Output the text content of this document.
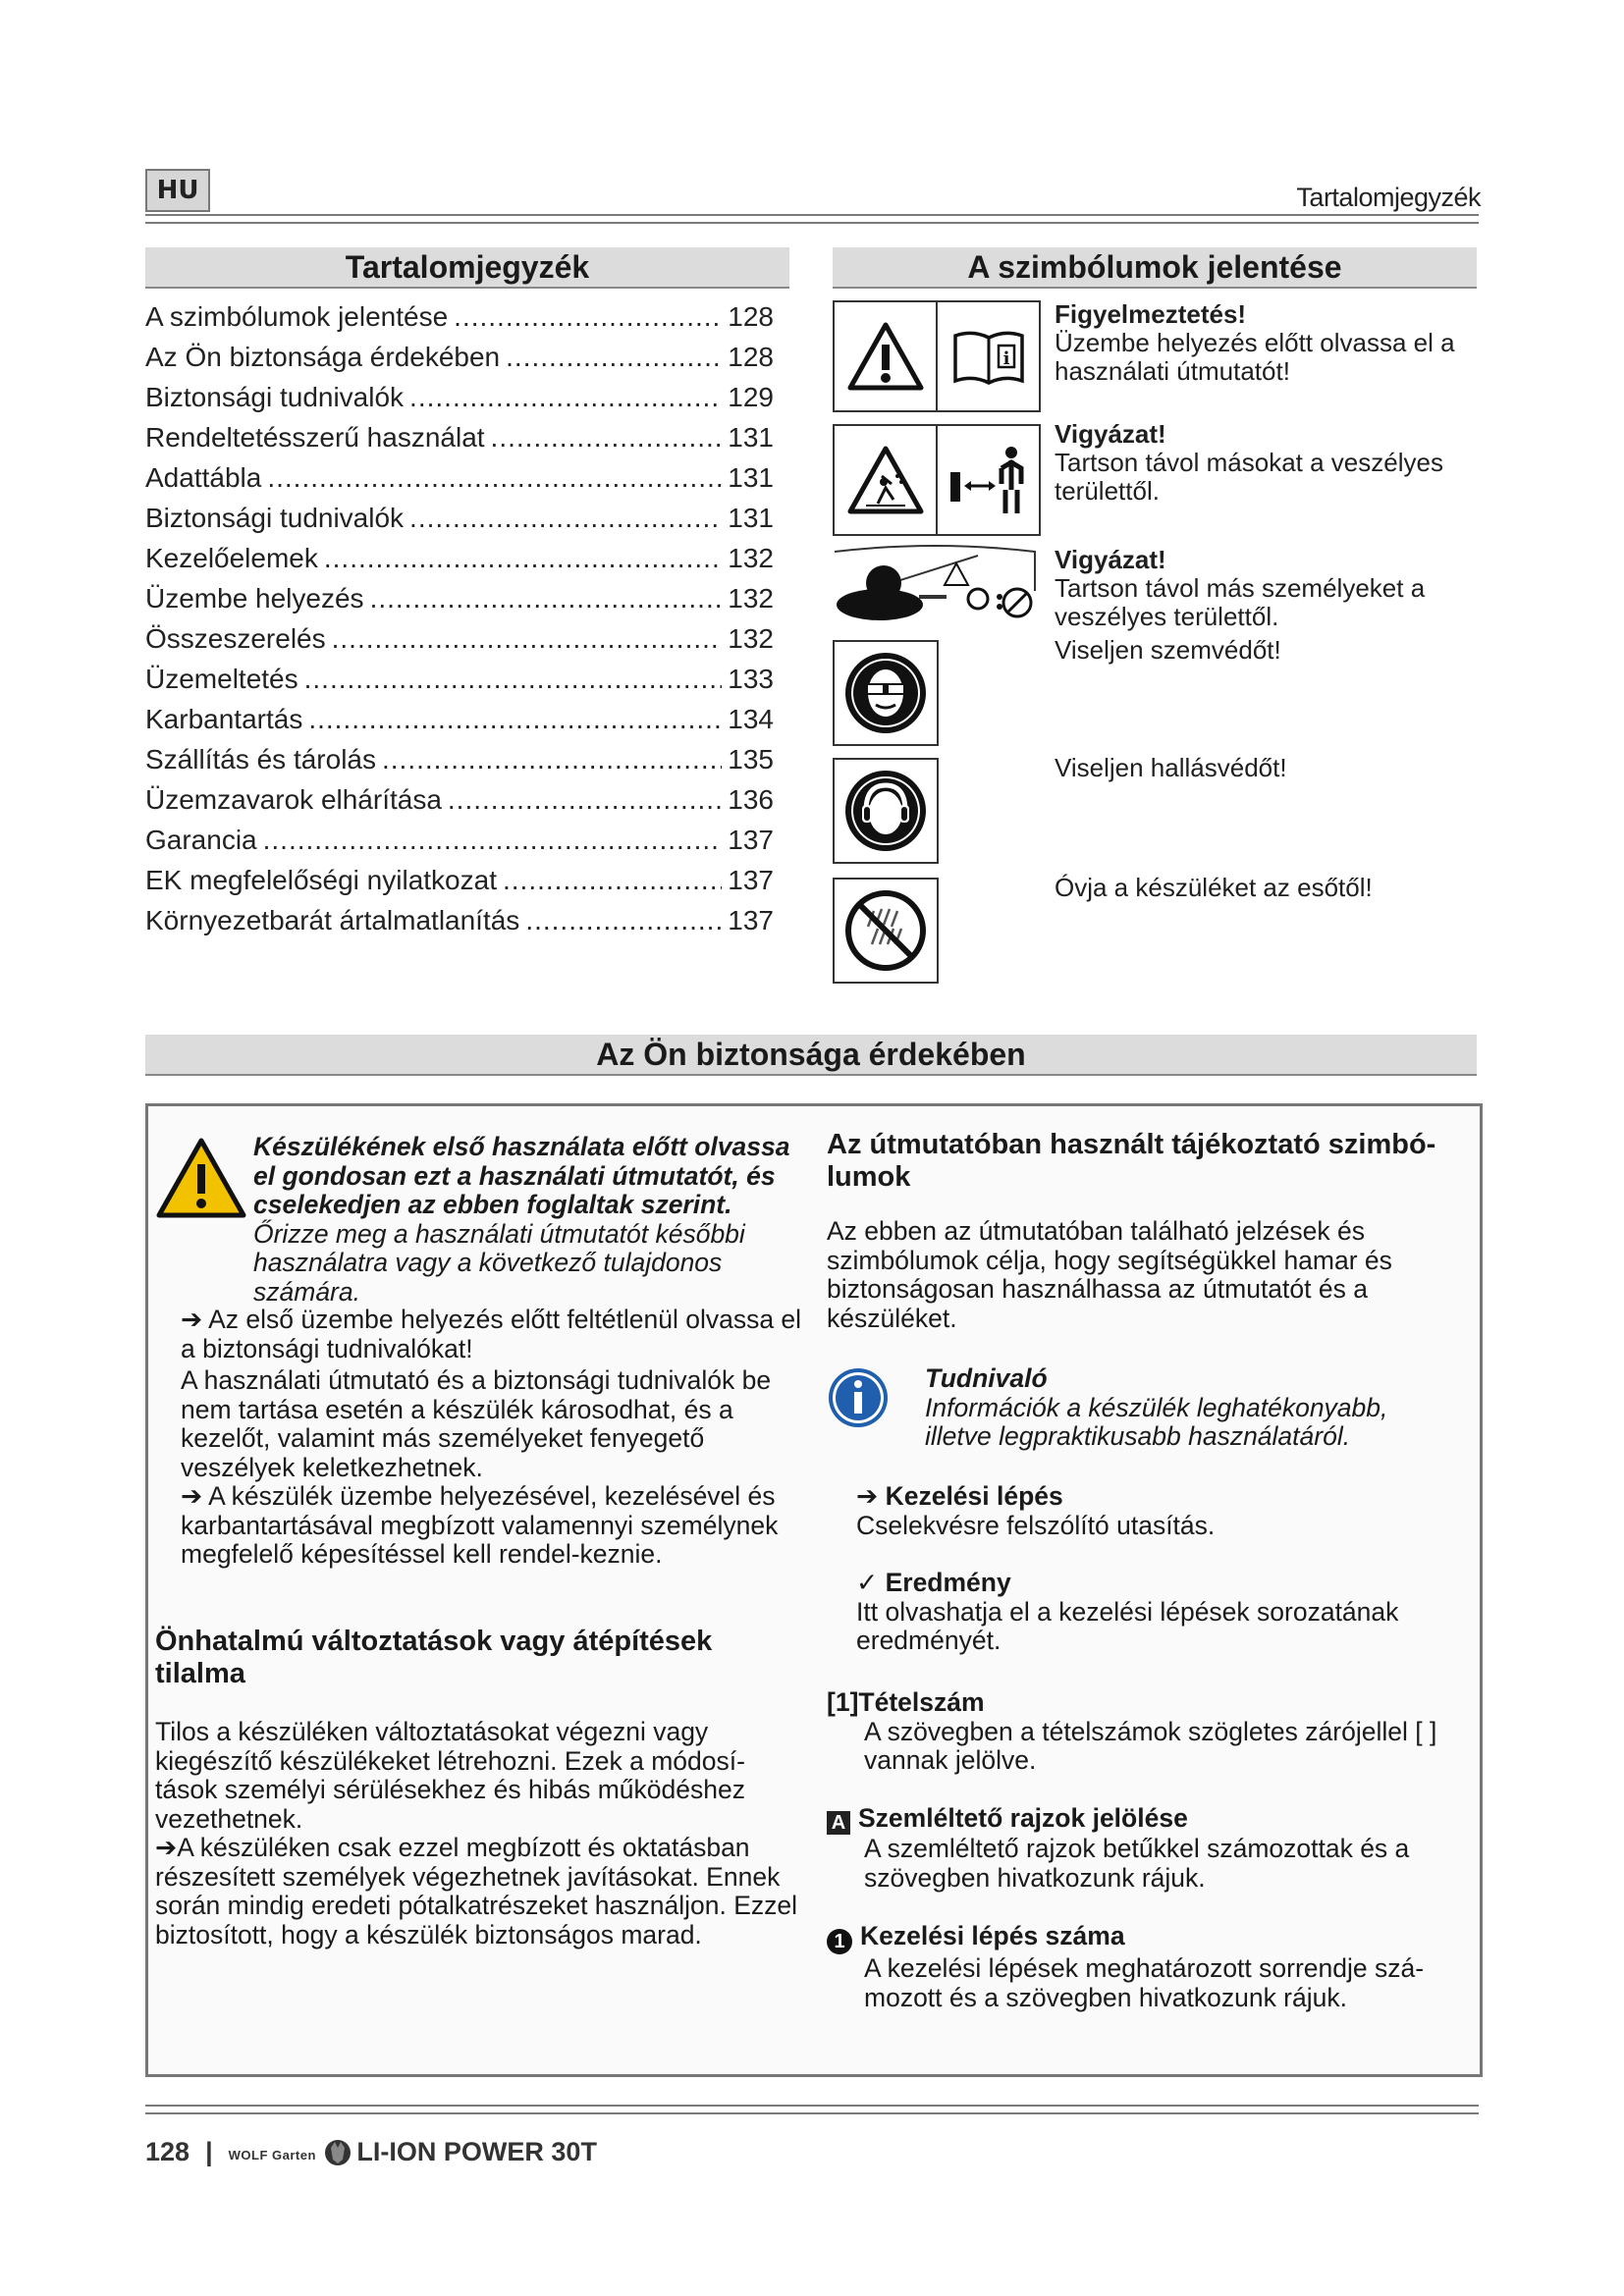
HU	Tartalomjegyzék
Tartalomjegyzék
A szimbólumok jelentése .....	128
Az Ön biztonsága érdekében .....	128
Biztonsági tudnivalók .....	129
Rendeltetésszerű használat .....	131
Adattábla .....	131
Biztonsági tudnivalók .....	131
Kezelőelemek .....	132
Üzembe helyezés .....	132
Összeszerelés .....	132
Üzemeltetés .....	133
Karbantartás .....	134
Szállítás és tárolás .....	135
Üzemzavarok elhárítása .....	136
Garancia .....	137
EK megfelelőségi nyilatkozat .....	137
Környezetbarát ártalmatlanítás .....	137
A szimbólumok jelentése
i
Figyelmeztetés!
Üzembe helyezés előtt olvassa el a használati útmutatót!
Vigyázat!
Tartson távol másokat a veszélyes területtől.
Vigyázat!
Tartson távol más személyeket a veszélyes területtől.
Viseljen szemvédőt!
Viseljen hallásvédőt!
Óvja a készüléket az esőtől!
Az Ön biztonsága érdekében
Készülékének első használata előtt olvassa el gondosan ezt a használati útmutatót, és cselekedjen az ebben foglaltak szerint. Őrizze meg a használati útmutatót későbbi használatra vagy a következő tulajdonos számára.
➔ Az első üzembe helyezés előtt feltétlenül olvassa el a biztonsági tudnivalókat!
A használati útmutató és a biztonsági tudnivalók be nem tartása esetén a készülék károsodhat, és a kezelőt, valamint más személyeket fenyegető veszélyek keletkezhetnek.
➔ A készülék üzembe helyezésével, kezelésével és karbantartásával megbízott valamennyi személynek megfelelő képesítéssel kell rendel-keznie.
Önhatalmú változtatások vagy átépítések tilalma
Tilos a készüléken változtatásokat végezni vagy kiegészítő készülékeket létrehozni. Ezek a módosí-tások személyi sérülésekhez és hibás működéshez vezethetnek.
➔A készüléken csak ezzel megbízott és oktatásban részesített személyek végezhetnek javításokat. Ennek során mindig eredeti pótalkatrészeket használjon. Ezzel biztosított, hogy a készülék biztonságos marad.
Az útmutatóban használt tájékoztató szimbó-lumok
Az ebben az útmutatóban található jelzések és szimbólumok célja, hogy segítségükkel hamar és biztonságosan használhassa az útmutatót és a készüléket.
Tudnivaló
Információk a készülék leghatékonyabb, illetve legpraktikusabb használatáról.
➔ Kezelési lépés
Cselekvésre felszólító utasítás.
✓ Eredmény
Itt olvashatja el a kezelési lépések sorozatának eredményét.
[1]Tételszám

A szövegben a tételszámok szögletes zárójellel [ ] vannak jelölve.
A Szemléltető rajzok jelölése

A szemléltető rajzok betűkkel számozottak és a szövegben hivatkozunk rájuk.
1 Kezelési lépés száma

A kezelési lépések meghatározott sorrendje szá-mozott és a szövegben hivatkozunk rájuk.
128 | WOLF Garten	LI-ION POWER 30T
